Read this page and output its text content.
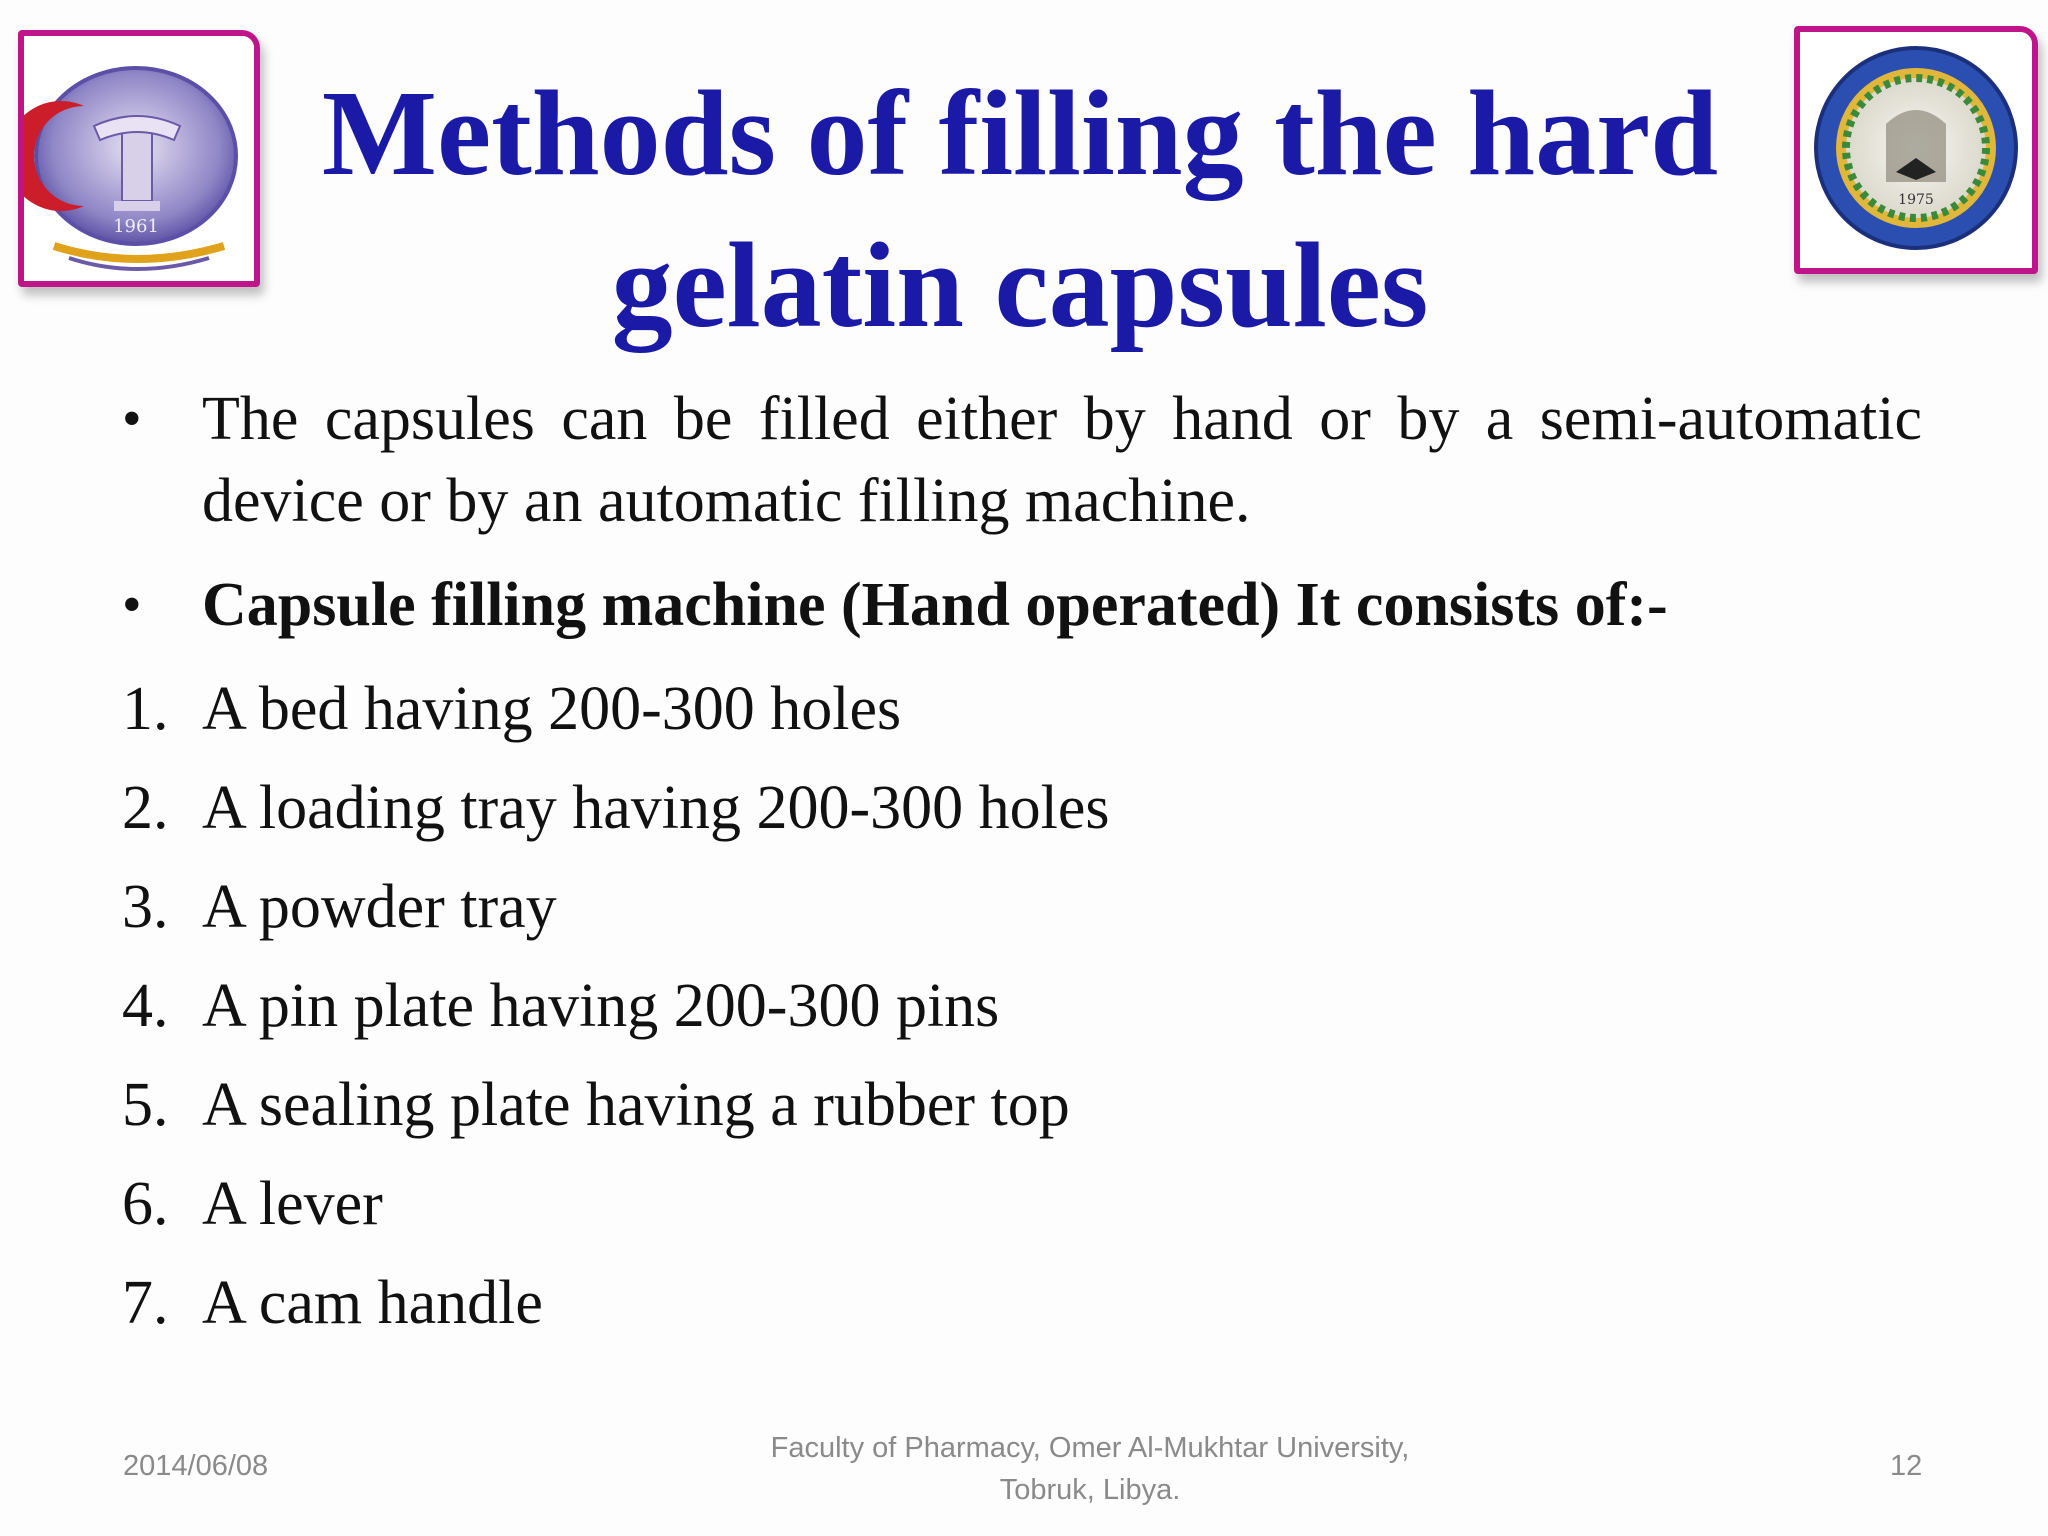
1961
Methods of filling the hard
gelatin capsules
1975
• The capsules can be filled either by hand or by a semi-automatic device or by an automatic filling machine.
• Capsule filling machine (Hand operated) It consists of:-
1. A bed having 200-300 holes
2. A loading tray having 200-300 holes
3. A powder tray
4. A pin plate having 200-300 pins
5. A sealing plate having a rubber top
6. A lever
7. A cam handle
2014/06/08
Faculty of Pharmacy, Omer Al-Mukhtar University,
Tobruk, Libya.
12
